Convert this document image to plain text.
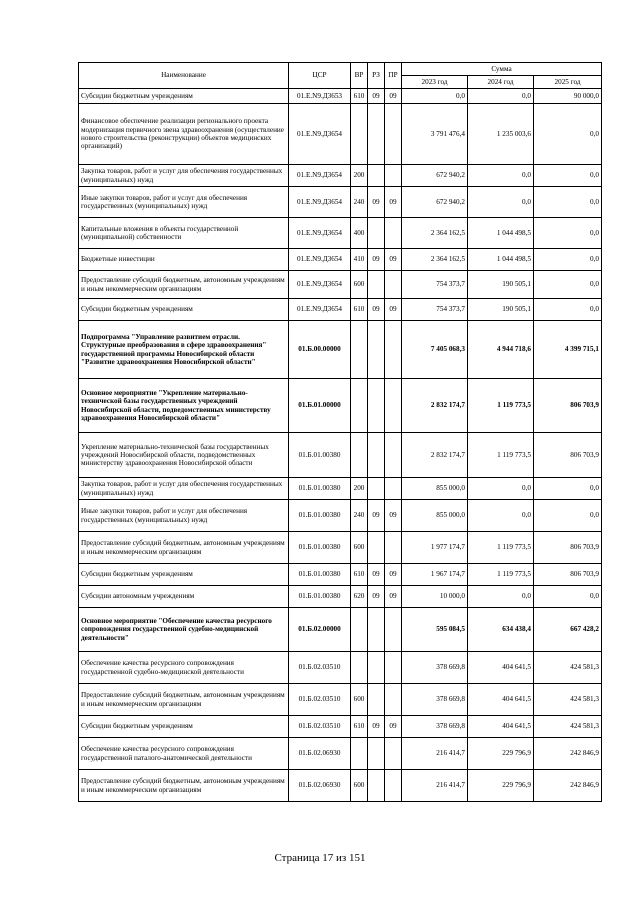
Наименование	ЦСР	ВР	РЗ	ПР	Сумма		
					2023 год	2024 год	2025 год
Субсидии бюджетным учреждениям	01.Е.N9.Д3653	610	09	09	0,0	0,0	90 000,0
Финансовое обеспечение реализации регионального проекта модернизация первичного звена здравоохранения (осуществление нового строительства (реконструкции) объектов медицинских организаций)	01.Е.N9.Д3654				3 791 476,4	1 235 003,6	0,0
Закупка товаров, работ и услуг для обеспечения государственных (муниципальных) нужд	01.Е.N9.Д3654	200			672 940,2	0,0	0,0
Иные закупки товаров, работ и услуг для обеспечения государственных (муниципальных) нужд	01.Е.N9.Д3654	240	09	09	672 940,2	0,0	0,0
Капитальные вложения в объекты государственной (муниципальной) собственности	01.Е.N9.Д3654	400			2 364 162,5	1 044 498,5	0,0
Бюджетные инвестиции	01.Е.N9.Д3654	410	09	09	2 364 162,5	1 044 498,5	0,0
Предоставление субсидий бюджетным, автономным учреждениям и иным некоммерческим организациям	01.Е.N9.Д3654	600			754 373,7	190 505,1	0,0
Субсидии бюджетным учреждениям	01.Е.N9.Д3654	610	09	09	754 373,7	190 505,1	0,0
Подпрограмма "Управление развитием отрасли. Структурные преобразования в сфере здравоохранения" государственной программы Новосибирской области "Развитие здравоохранения Новосибирской области"	01.Б.00.00000				7 405 068,3	4 944 718,6	4 399 715,1
Основное мероприятие "Укрепление материально-технической базы государственных учреждений Новосибирской области, подведомственных министерству здравоохранения Новосибирской области"	01.Б.01.00000				2 832 174,7	1 119 773,5	806 703,9
Укрепление материально-технической базы государственных учреждений Новосибирской области, подведомственных министерству здравоохранения Новосибирской области	01.Б.01.00380				2 832 174,7	1 119 773,5	806 703,9
Закупка товаров, работ и услуг для обеспечения государственных (муниципальных) нужд	01.Б.01.00380	200			855 000,0	0,0	0,0
Иные закупки товаров, работ и услуг для обеспечения государственных (муниципальных) нужд	01.Б.01.00380	240	09	09	855 000,0	0,0	0,0
Предоставление субсидий бюджетным, автономным учреждениям и иным некоммерческим организациям	01.Б.01.00380	600			1 977 174,7	1 119 773,5	806 703,9
Субсидии бюджетным учреждениям	01.Б.01.00380	610	09	09	1 967 174,7	1 119 773,5	806 703,9
Субсидии автономным учреждениям	01.Б.01.00380	620	09	09	10 000,0	0,0	0,0
Основное мероприятие "Обеспечение качества ресурсного сопровождения государственной судебно-медицинской деятельности"	01.Б.02.00000				595 084,5	634 438,4	667 428,2
Обеспечение качества ресурсного сопровождения государственной судебно-медицинской деятельности	01.Б.02.03510				378 669,8	404 641,5	424 581,3
Предоставление субсидий бюджетным, автономным учреждениям и иным некоммерческим организациям	01.Б.02.03510	600			378 669,8	404 641,5	424 581,3
Субсидии бюджетным учреждениям	01.Б.02.03510	610	09	09	378 669,8	404 641,5	424 581,3
Обеспечение качества ресурсного сопровождения государственной паталого-анатомической деятельности	01.Б.02.06930				216 414,7	229 796,9	242 846,9
Предоставление субсидий бюджетным, автономным учреждениям и иным некоммерческим организациям	01.Б.02.06930	600			216 414,7	229 796,9	242 846,9
Страница 17 из 151
